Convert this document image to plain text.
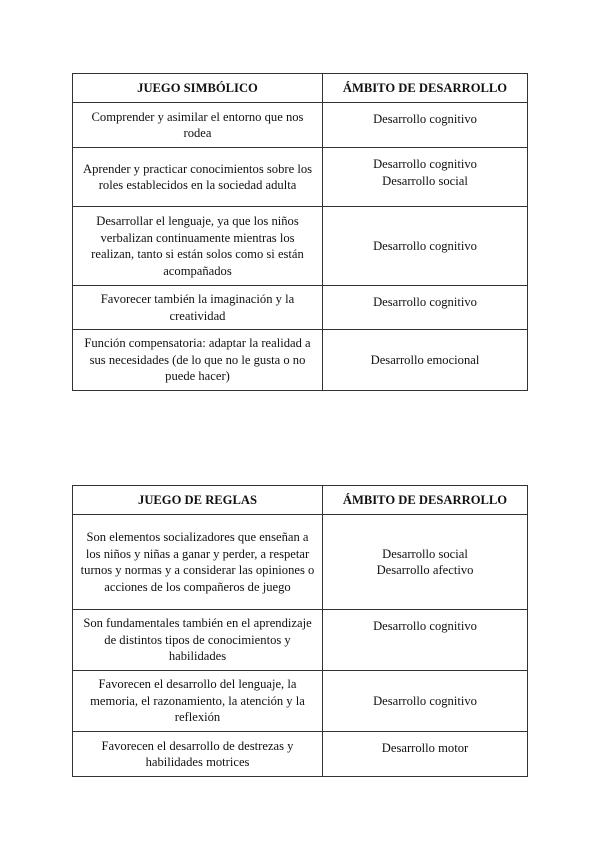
JUEGO SIMBÓLICO	ÁMBITO DE DESARROLLO
Comprender y asimilar el entorno que nos rodea	Desarrollo cognitivo

Aprender y practicar conocimientos sobre los roles establecidos en la sociedad adulta	Desarrollo cognitivo
Desarrollo social

Desarrollar el lenguaje, ya que los niños verbalizan continuamente mientras los realizan, tanto si están solos como si están acompañados	Desarrollo cognitivo

Favorecer también la imaginación y la creatividad	Desarrollo cognitivo

Función compensatoria: adaptar la realidad a sus necesidades (de lo que no le gusta o no puede hacer)	Desarrollo emocional
JUEGO DE REGLAS	ÁMBITO DE DESARROLLO
Son elementos socializadores que enseñan a los niños y niñas a ganar y perder, a respetar turnos y normas y a considerar las opiniones o acciones de los compañeros de juego	Desarrollo social
Desarrollo afectivo

Son fundamentales también en el aprendizaje de distintos tipos de conocimientos y habilidades	Desarrollo cognitivo

Favorecen el desarrollo del lenguaje, la memoria, el razonamiento, la atención y la reflexión	Desarrollo cognitivo

Favorecen el desarrollo de destrezas y habilidades motrices	Desarrollo motor
